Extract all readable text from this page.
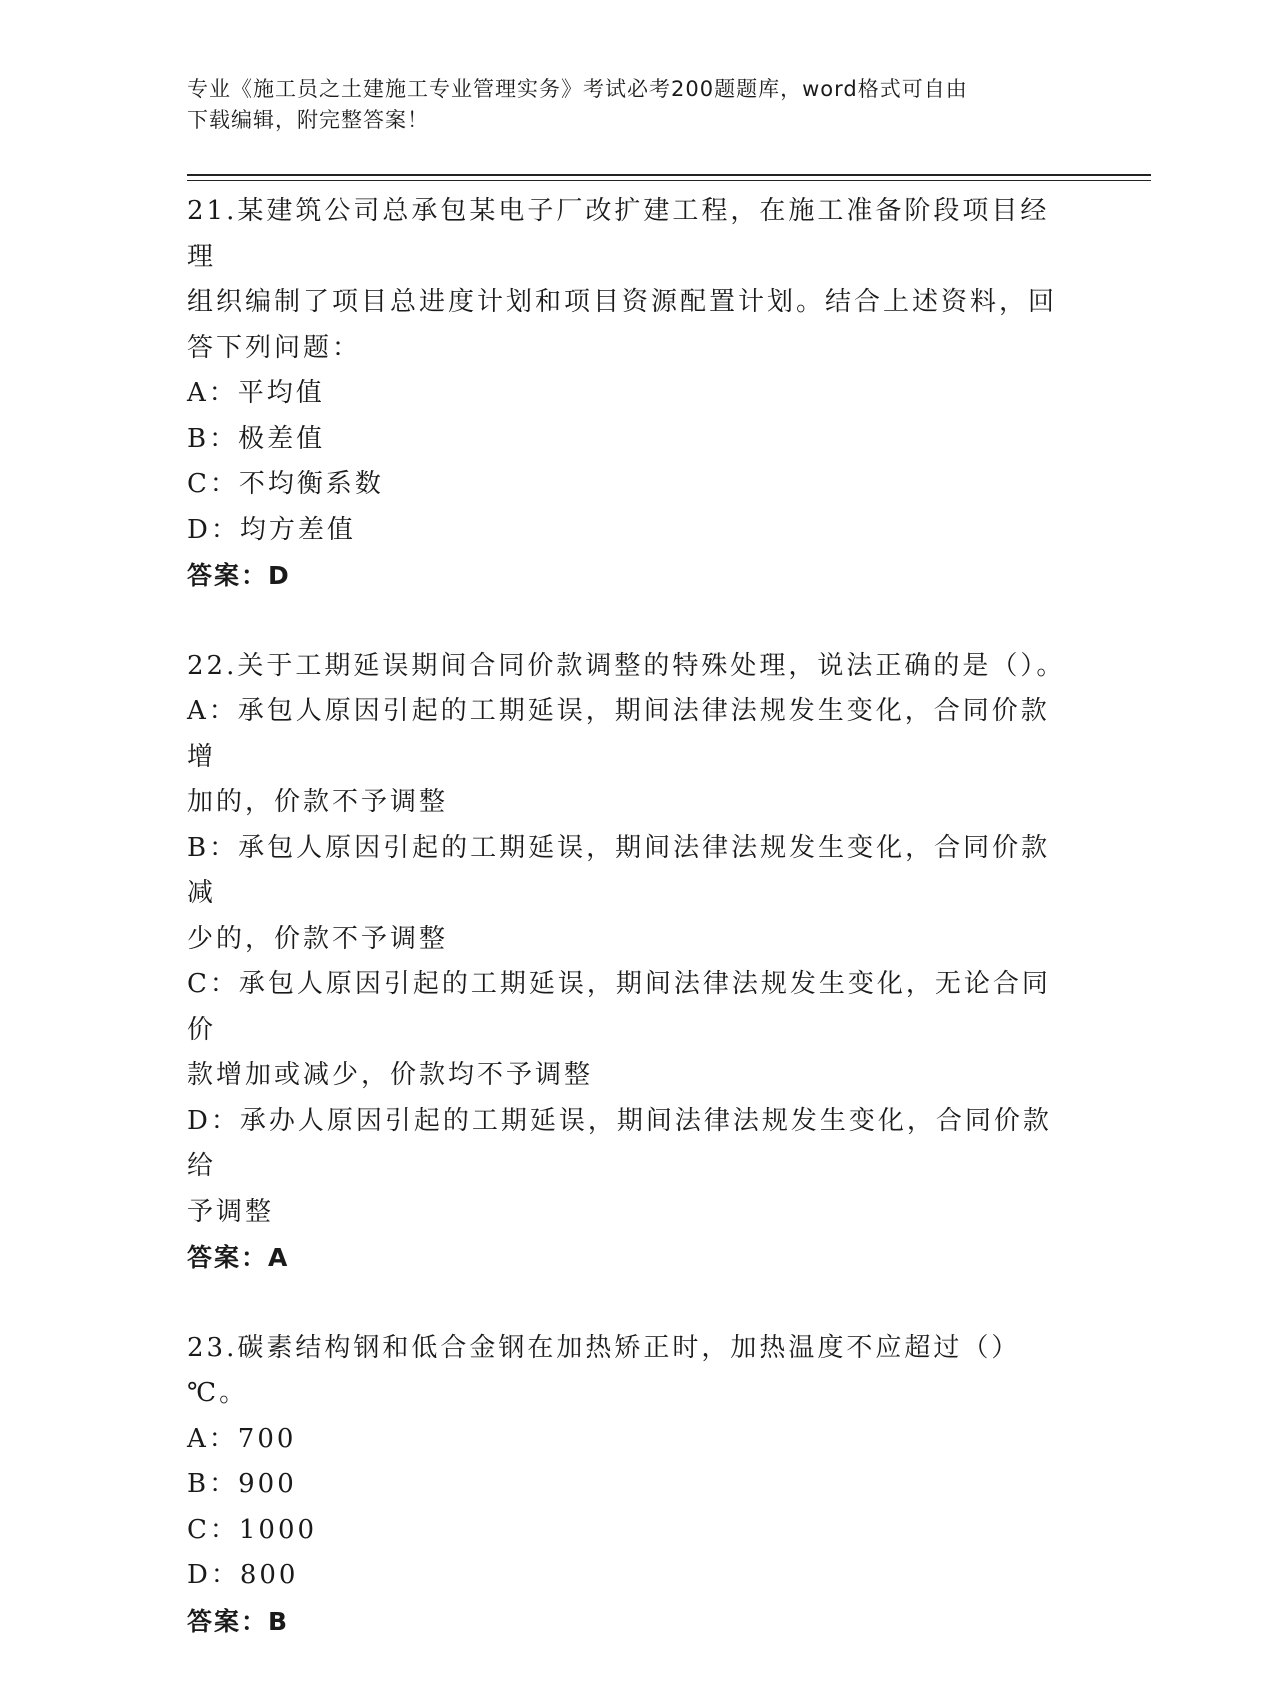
专业《施工员之土建施工专业管理实务》考试必考200题题库，word格式可自由
下载编辑，附完整答案！
21.某建筑公司总承包某电子厂改扩建工程，在施工准备阶段项目经理
组织编制了项目总进度计划和项目资源配置计划。结合上述资料，回
答下列问题：
A：平均值
B：极差值
C：不均衡系数
D：均方差值
答案：D
22.关于工期延误期间合同价款调整的特殊处理，说法正确的是（）。
A：承包人原因引起的工期延误，期间法律法规发生变化，合同价款增
加的，价款不予调整
B：承包人原因引起的工期延误，期间法律法规发生变化，合同价款减
少的，价款不予调整
C：承包人原因引起的工期延误，期间法律法规发生变化，无论合同价
款增加或减少，价款均不予调整
D：承办人原因引起的工期延误，期间法律法规发生变化，合同价款给
予调整
答案：A
23.碳素结构钢和低合金钢在加热矫正时，加热温度不应超过（）℃。
A：700
B：900
C：1000
D：800
答案：B
